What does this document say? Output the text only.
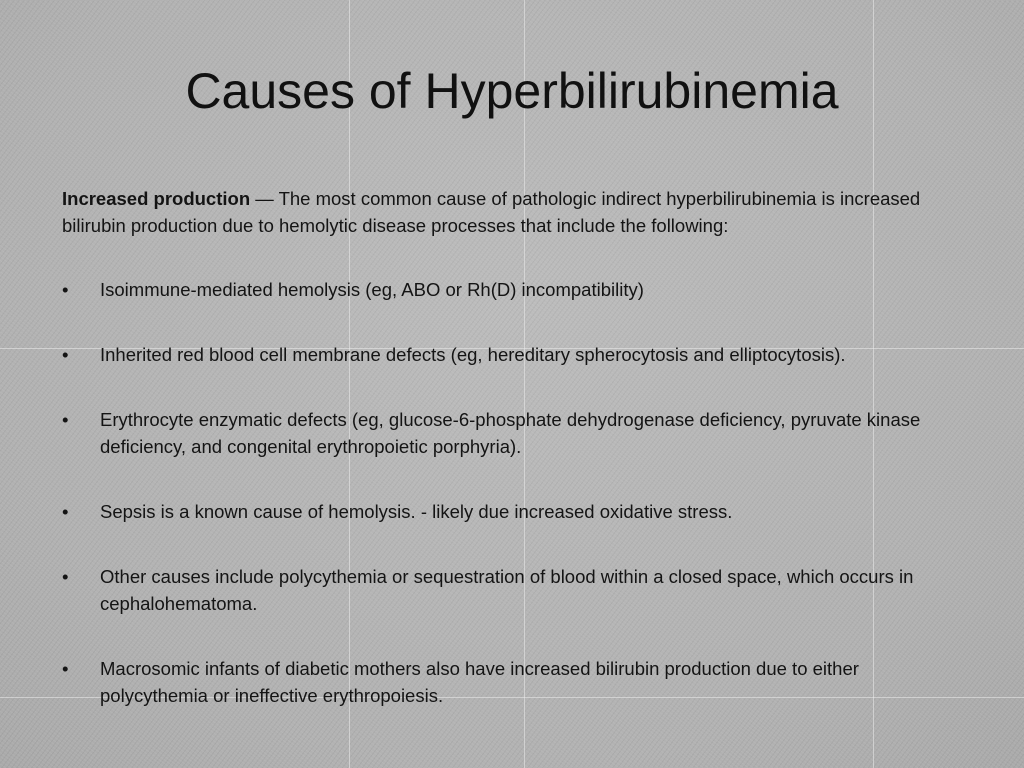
Causes of Hyperbilirubinemia
Increased production — The most common cause of pathologic indirect hyperbilirubinemia is increased bilirubin production due to hemolytic disease processes that include the following:
• Isoimmune-mediated hemolysis (eg, ABO or Rh(D) incompatibility)
• Inherited red blood cell membrane defects (eg, hereditary spherocytosis and elliptocytosis).
• Erythrocyte enzymatic defects (eg, glucose-6-phosphate dehydrogenase deficiency, pyruvate kinase deficiency, and congenital erythropoietic porphyria).
• Sepsis is a known cause of hemolysis. - likely due increased oxidative stress.
• Other causes include polycythemia or sequestration of blood within a closed space, which occurs in cephalohematoma.
• Macrosomic infants of diabetic mothers also have increased bilirubin production due to either polycythemia or ineffective erythropoiesis.
